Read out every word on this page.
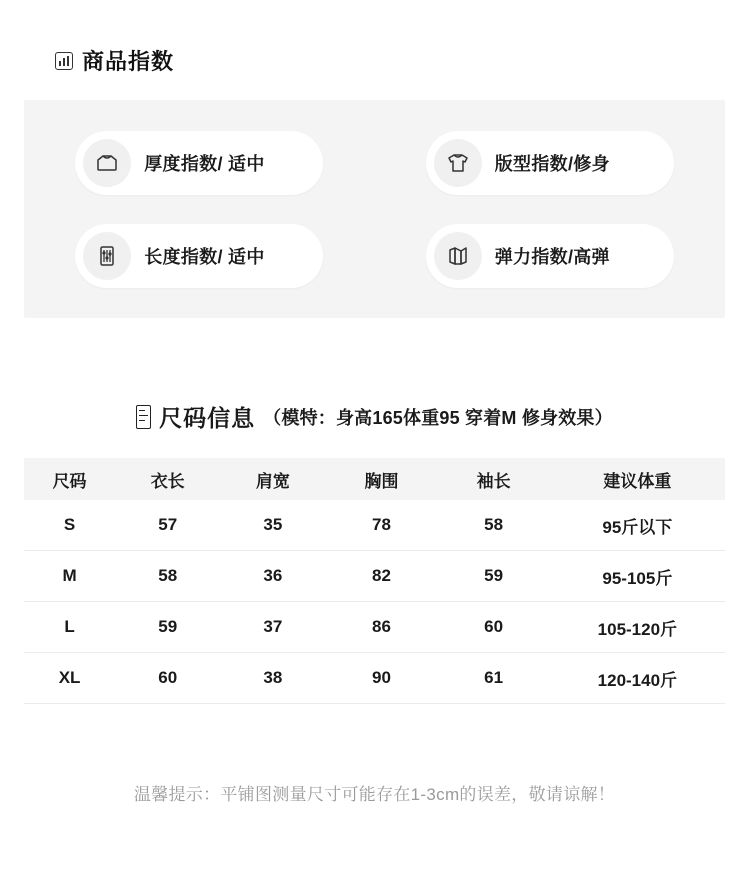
商品指数
厚度指数/ 适中	版型指数/修身
长度指数/ 适中	弹力指数/高弹
尺码信息 （模特：身高165体重95 穿着M 修身效果）
尺码	衣长	肩宽	胸围	袖长	建议体重
S	57	35	78	58	95斤以下
M	58	36	82	59	95-105斤
L	59	37	86	60	105-120斤
XL	60	38	90	61	120-140斤
温馨提示：平铺图测量尺寸可能存在1-3cm的误差，敬请谅解！
